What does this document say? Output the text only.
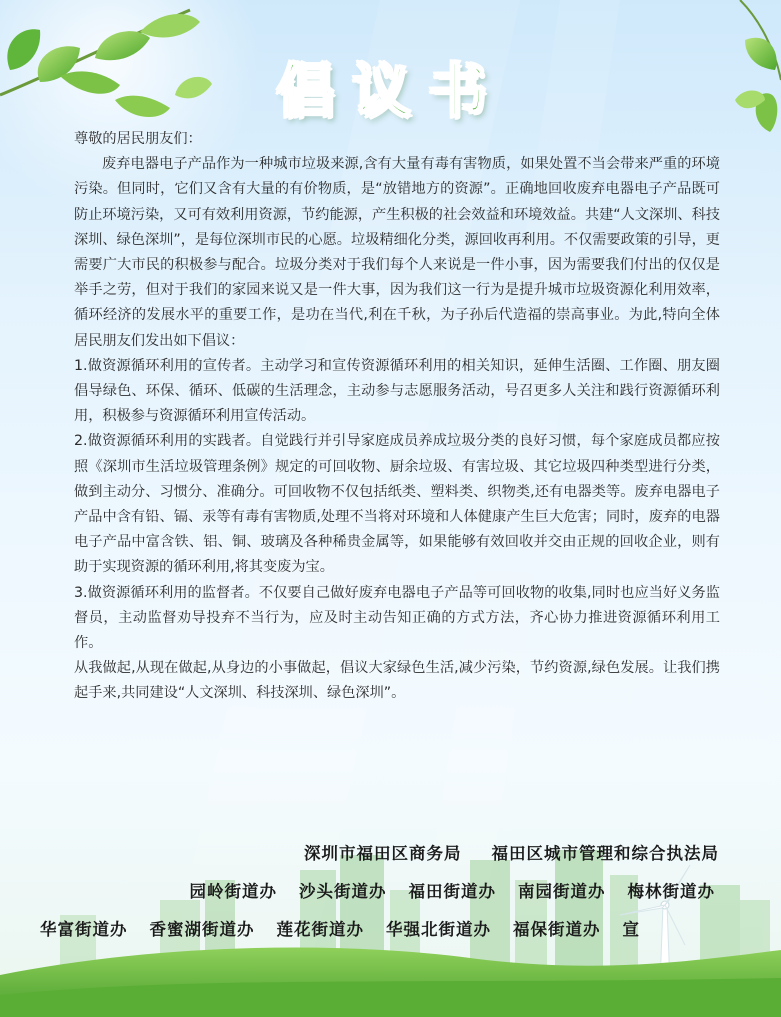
倡议书

尊敬的居民朋友们：

废弃电器电子产品作为一种城市垃圾来源,含有大量有毒有害物质，如果处置不当会带来严重的环境污染。但同时，它们又含有大量的有价物质，是“放错地方的资源”。正确地回收废弃电器电子产品既可防止环境污染，又可有效利用资源，节约能源，产生积极的社会效益和环境效益。共建“人文深圳、科技深圳、绿色深圳”，是每位深圳市民的心愿。垃圾精细化分类，源回收再利用。不仅需要政策的引导，更需要广大市民的积极参与配合。垃圾分类对于我们每个人来说是一件小事，因为需要我们付出的仅仅是举手之劳，但对于我们的家园来说又是一件大事，因为我们这一行为是提升城市垃圾资源化利用效率，循环经济的发展水平的重要工作，是功在当代,利在千秋，为子孙后代造福的崇高事业。为此,特向全体居民朋友们发出如下倡议：

1.做资源循环利用的宣传者。主动学习和宣传资源循环利用的相关知识，延伸生活圈、工作圈、朋友圈倡导绿色、环保、循环、低碳的生活理念，主动参与志愿服务活动，号召更多人关注和践行资源循环利用，积极参与资源循环利用宣传活动。

2.做资源循环利用的实践者。自觉践行并引导家庭成员养成垃圾分类的良好习惯，每个家庭成员都应按照《深圳市生活垃圾管理条例》规定的可回收物、厨余垃圾、有害垃圾、其它垃圾四种类型进行分类，做到主动分、习惯分、准确分。可回收物不仅包括纸类、塑料类、织物类,还有电器类等。废弃电器电子产品中含有铅、镉、汞等有毒有害物质,处理不当将对环境和人体健康产生巨大危害；同时，废弃的电器电子产品中富含铁、铝、铜、玻璃及各种稀贵金属等，如果能够有效回收并交由正规的回收企业，则有助于实现资源的循环利用,将其变废为宝。

3.做资源循环利用的监督者。不仅要自己做好废弃电器电子产品等可回收物的收集,同时也应当好义务监督员，主动监督劝导投弃不当行为，应及时主动告知正确的方式方法，齐心协力推进资源循环利用工作。

从我做起,从现在做起,从身边的小事做起，倡议大家绿色生活,减少污染，节约资源,绿色发展。让我们携起手来,共同建设“人文深圳、科技深圳、绿色深圳”。

深圳市福田区商务局 福田区城市管理和综合执法局
园岭街道办 沙头街道办 福田街道办 南园街道办 梅林街道办
华富街道办 香蜜湖街道办 莲花街道办 华强北街道办 福保街道办 宣
